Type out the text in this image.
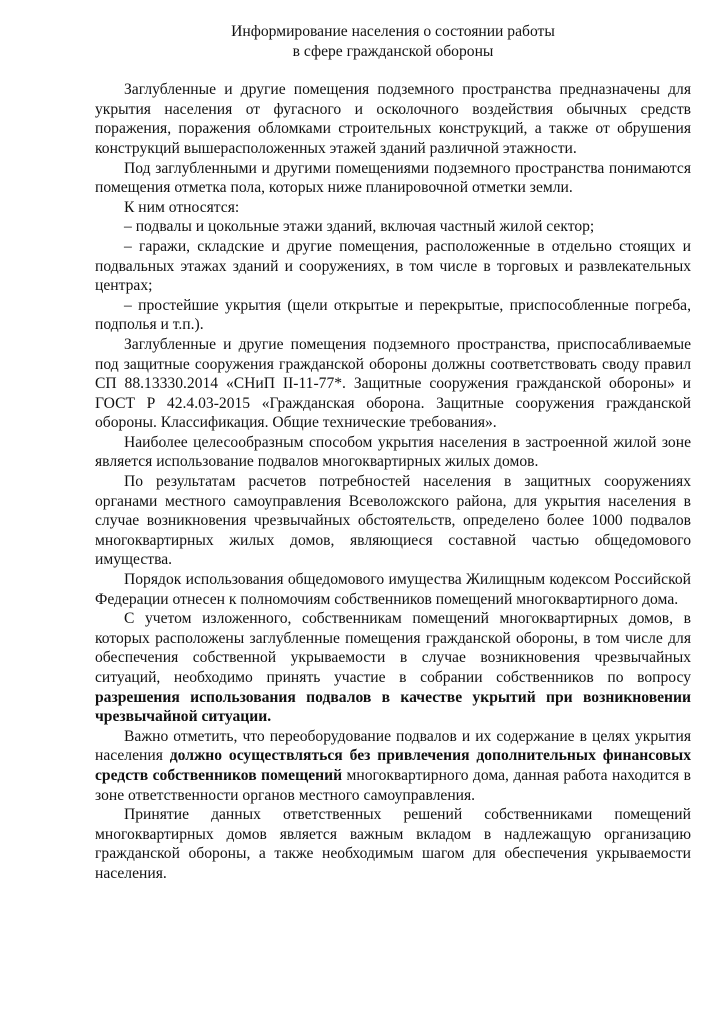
Информирование населения о состоянии работы

в сфере гражданской обороны

Заглубленные и другие помещения подземного пространства предназначены для укрытия населения от фугасного и осколочного воздействия обычных средств поражения, поражения обломками строительных конструкций, а также от обрушения конструкций вышерасположенных этажей зданий различной этажности.

Под заглубленными и другими помещениями подземного пространства понимаются помещения отметка пола, которых ниже планировочной отметки земли.

К ним относятся:

– подвалы и цокольные этажи зданий, включая частный жилой сектор;

– гаражи, складские и другие помещения, расположенные в отдельно стоящих и подвальных этажах зданий и сооружениях, в том числе в торговых и развлекательных центрах;

– простейшие укрытия (щели открытые и перекрытые, приспособленные погреба, подполья и т.п.).

Заглубленные и другие помещения подземного пространства, приспосабливаемые под защитные сооружения гражданской обороны должны соответствовать своду правил СП 88.13330.2014 «СНиП II-11-77*. Защитные сооружения гражданской обороны» и ГОСТ Р 42.4.03-2015 «Гражданская оборона. Защитные сооружения гражданской обороны. Классификация. Общие технические требования».

Наиболее целесообразным способом укрытия населения в застроенной жилой зоне является использование подвалов многоквартирных жилых домов.

По результатам расчетов потребностей населения в защитных сооружениях органами местного самоуправления Всеволожского района, для укрытия населения в случае возникновения чрезвычайных обстоятельств, определено более 1000 подвалов многоквартирных жилых домов, являющиеся составной частью общедомового имущества.

Порядок использования общедомового имущества Жилищным кодексом Российской Федерации отнесен к полномочиям собственников помещений многоквартирного дома.

С учетом изложенного, собственникам помещений многоквартирных домов, в которых расположены заглубленные помещения гражданской обороны, в том числе для обеспечения собственной укрываемости в случае возникновения чрезвычайных ситуаций, необходимо принять участие в собрании собственников по вопросу разрешения использования подвалов в качестве укрытий при возникновении чрезвычайной ситуации.

Важно отметить, что переоборудование подвалов и их содержание в целях укрытия населения должно осуществляться без привлечения дополнительных финансовых средств собственников помещений многоквартирного дома, данная работа находится в зоне ответственности органов местного самоуправления.

Принятие данных ответственных решений собственниками помещений многоквартирных домов является важным вкладом в надлежащую организацию гражданской обороны, а также необходимым шагом для обеспечения укрываемости населения.
